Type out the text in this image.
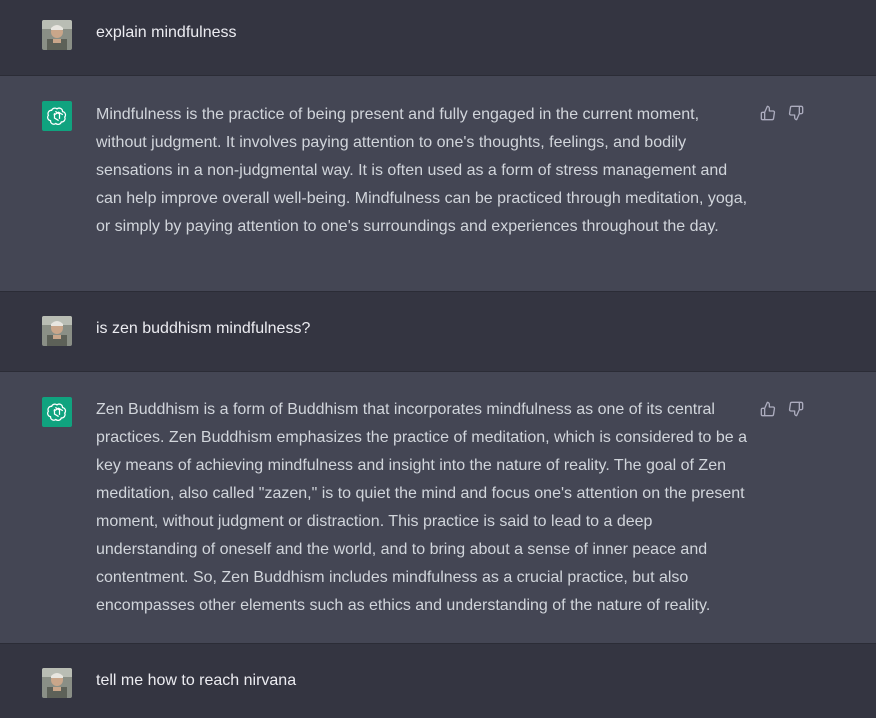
explain mindfulness
Mindfulness is the practice of being present and fully engaged in the current moment, without judgment. It involves paying attention to one's thoughts, feelings, and bodily sensations in a non-judgmental way. It is often used as a form of stress management and can help improve overall well-being. Mindfulness can be practiced through meditation, yoga, or simply by paying attention to one's surroundings and experiences throughout the day.
is zen buddhism mindfulness?
Zen Buddhism is a form of Buddhism that incorporates mindfulness as one of its central practices. Zen Buddhism emphasizes the practice of meditation, which is considered to be a key means of achieving mindfulness and insight into the nature of reality. The goal of Zen meditation, also called "zazen," is to quiet the mind and focus one's attention on the present moment, without judgment or distraction. This practice is said to lead to a deep understanding of oneself and the world, and to bring about a sense of inner peace and contentment. So, Zen Buddhism includes mindfulness as a crucial practice, but also encompasses other elements such as ethics and understanding of the nature of reality.
tell me how to reach nirvana
